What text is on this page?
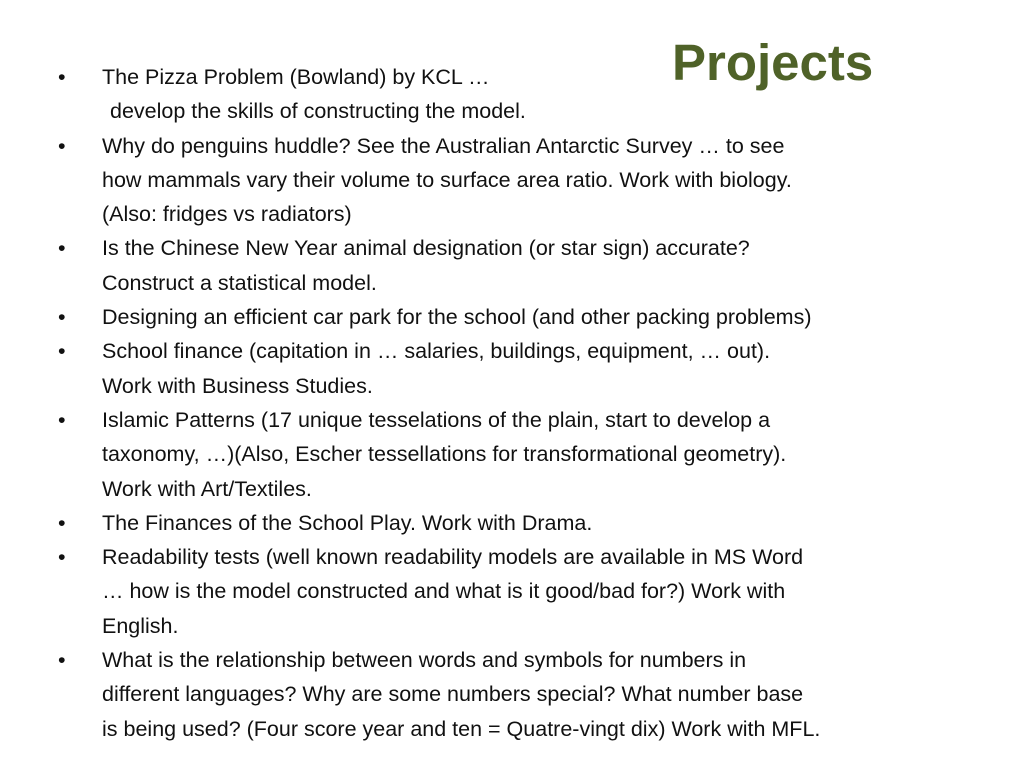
Projects
•	The Pizza Problem (Bowland) by KCL …
develop the skills of constructing the model.
•	Why do penguins huddle? See the Australian Antarctic Survey … to see
how mammals vary their volume to surface area ratio. Work with biology.
(Also: fridges vs radiators)
•	Is the Chinese New Year animal designation (or star sign) accurate?
Construct a statistical model.
•	Designing an efficient car park for the school (and other packing problems)
•	School finance (capitation in … salaries, buildings, equipment, … out).
Work with Business Studies.
•	Islamic Patterns (17 unique tesselations of the plain, start to develop a
taxonomy, …)(Also, Escher tessellations for transformational geometry).
Work with Art/Textiles.
•	The Finances of the School Play. Work with Drama.
•	Readability tests (well known readability models are available in MS Word
… how is the model constructed and what is it good/bad for?) Work with
English.
•	What is the relationship between words and symbols for numbers in
different languages? Why are some numbers special? What number base
is being used? (Four score year and ten = Quatre-vingt dix) Work with MFL.
